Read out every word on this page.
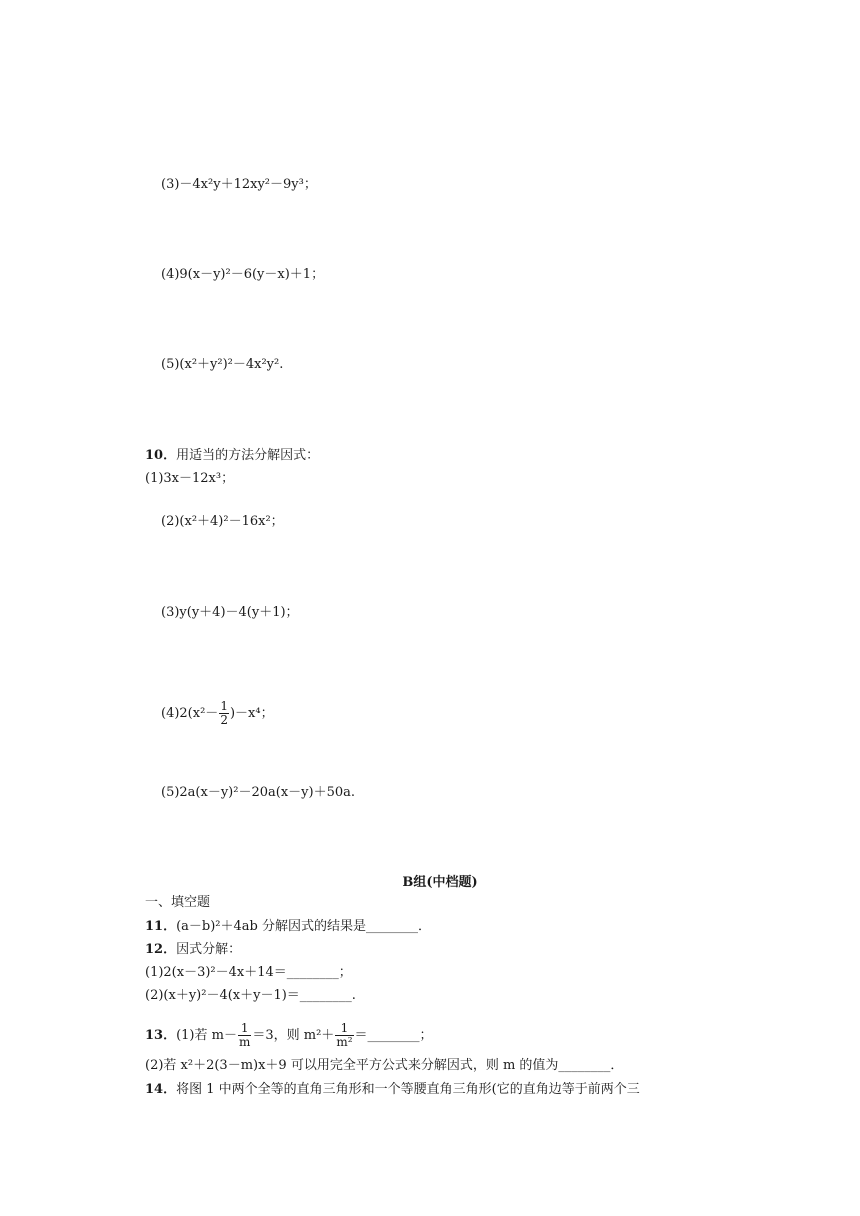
(3)－4x²y＋12xy²－9y³；
(4)9(x－y)²－6(y－x)＋1；
(5)(x²＋y²)²－4x²y².
10．用适当的方法分解因式：
(1)3x－12x³；
(2)(x²＋4)²－16x²；
(3)y(y＋4)－4(y＋1)；
$(4)2(x^2- \frac{1}{2} )-x^4$；
(5)2a(x－y)²－20a(x－y)＋50a.
B组(中档题)
一、填空题
11．(a－b)²＋4ab 分解因式的结果是________．
12．因式分解：
(1)2(x－3)²－4x＋14＝________；
(2)(x＋y)²－4(x＋y－1)＝________.
13．(1)若 $m- \frac{1}{m} =3$，则 $m^2+ \frac{1}{\text{m²}}$ ＝________；
(2)若 x²＋2(3－m)x＋9 可以用完全平方公式来分解因式，则 m 的值为________．
14．将图 1 中两个全等的直角三角形和一个等腰直角三角形(它的直角边等于前两个三
